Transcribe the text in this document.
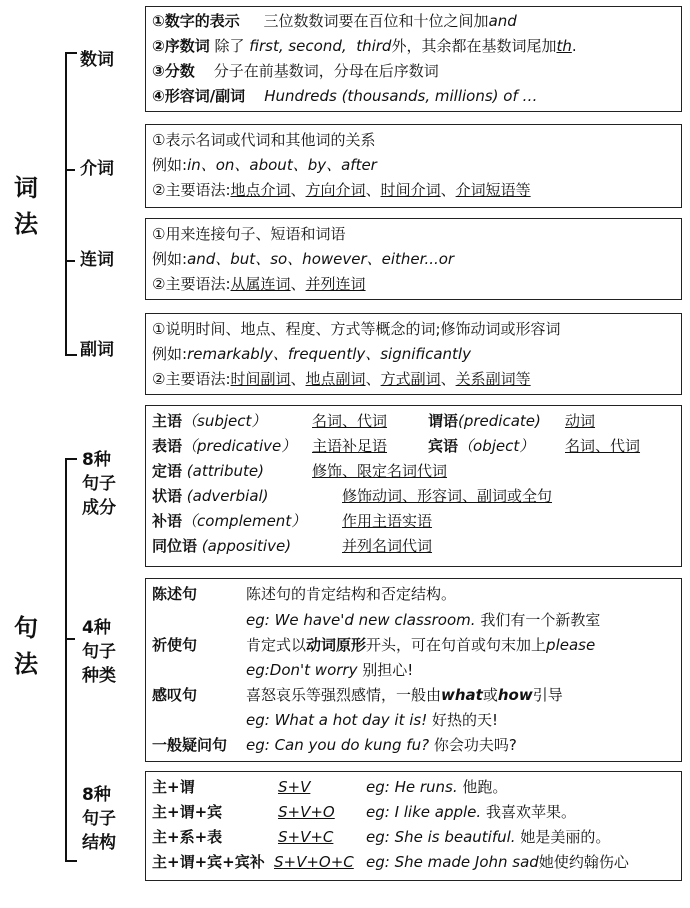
词法
数词
介词
连词
副词
①数字的表示 三位数数词要在百位和十位之间加and
②序数词 除了 first, second, third外，其余都在基数词尾加th.
③分数 分子在前基数词，分母在后序数词
④形容词/副词 Hundreds (thousands, millions) of …
①表示名词或代词和其他词的关系
例如:in、on、about、by、after
②主要语法:地点介词、方向介词、时间介词、介词短语等
①用来连接句子、短语和词语
例如:and、but、so、however、either...or
②主要语法:从属连词、并列连词
①说明时间、地点、程度、方式等概念的词;修饰动词或形容词
例如:remarkably、frequently、significantly
②主要语法:时间副词、地点副词、方式副词、关系副词等
句法
8种
句子
成分
4种
句子
种类
8种
句子
结构
主语（subject）	名词、代词	谓语(predicate) 动词
表语（predicative） 主语补足语	宾语（object） 名词、代词
定语 (attribute)	修饰、限定名词代词
状语 (adverbial)	修饰动词、形容词、副词或全句
补语（complement） 作用主语实语
同位语 (appositive)	并列名词代词
陈述句	陈述句的肯定结构和否定结构。
eg: We have'd new classroom. 我们有一个新教室
祈使句	肯定式以动词原形开头，可在句首或句末加上please
eg:Don't worry 别担心!
感叹句	喜怒哀乐等强烈感情，一般由what或how引导
eg: What a hot day it is! 好热的天!
一般疑问句 eg: Can you do kung fu? 你会功夫吗?
主+谓	S+V	eg: He runs. 他跑。
主+谓+宾	S+V+O eg: I like apple. 我喜欢苹果。
主+系+表	S+V+C eg: She is beautiful. 她是美丽的。
主+谓+宾+宾补 S+V+O+C eg: She made John sad她使约翰伤心
